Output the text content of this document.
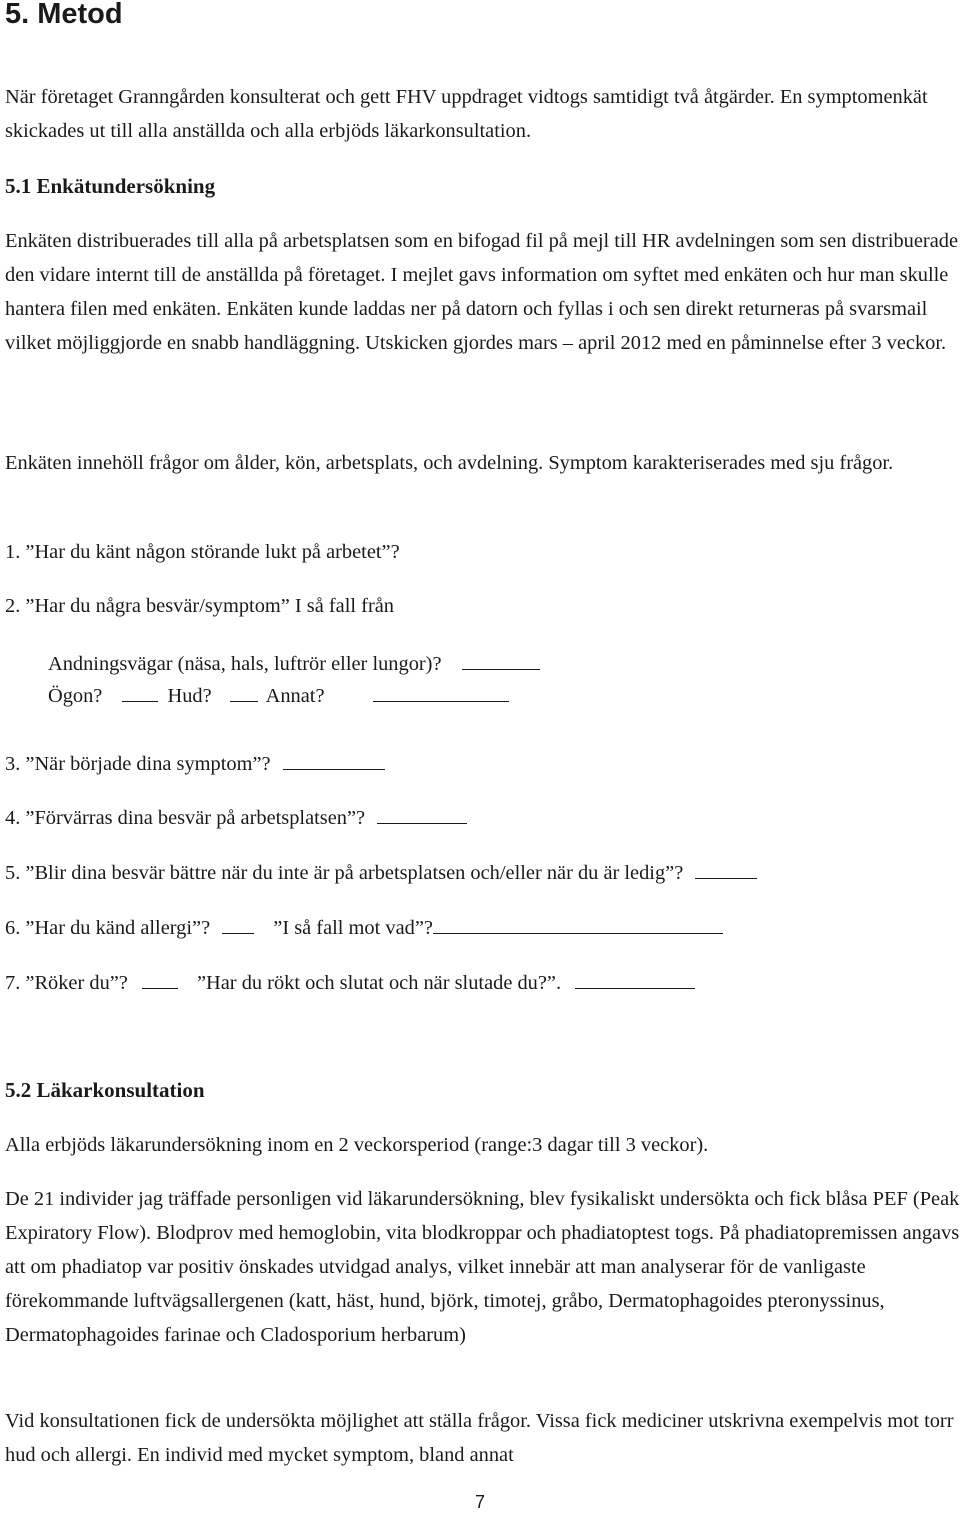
5. Metod
När företaget Granngården konsulterat och gett FHV uppdraget vidtogs samtidigt två åtgärder. En symptomenkät skickades ut till alla anställda och alla erbjöds läkarkonsultation.
5.1 Enkätundersökning
Enkäten distribuerades till alla på arbetsplatsen som en bifogad fil på mejl till HR avdelningen som sen distribuerade den vidare internt till de anställda på företaget. I mejlet gavs information om syftet med enkäten och hur man skulle hantera filen med enkäten. Enkäten kunde laddas ner på datorn och fyllas i och sen direkt returneras på svarsmail vilket möjliggjorde en snabb handläggning. Utskicken gjordes mars – april 2012 med en påminnelse efter 3 veckor.
Enkäten innehöll frågor om ålder, kön, arbetsplats, och avdelning. Symptom karakteriserades med sju frågor.
1. ”Har du känt någon störande lukt på arbetet”?
2. ”Har du några besvär/symptom” I så fall från
Andningsvägar (näsa, hals, luftrör eller lungor)?
Ögon?	Hud?	Annat?
3. ”När började dina symptom”?
4. ”Förvärras dina besvär på arbetsplatsen”?
5. ”Blir dina besvär bättre när du inte är på arbetsplatsen och/eller när du är ledig”?
6. ”Har du känd allergi”?	”I så fall mot vad”?
7. ”Röker du”?	”Har du rökt och slutat och när slutade du?”.
5.2 Läkarkonsultation
Alla erbjöds läkarundersökning inom en 2 veckorsperiod (range:3 dagar till 3 veckor).
De 21 individer jag träffade personligen vid läkarundersökning, blev fysikaliskt undersökta och fick blåsa PEF (Peak Expiratory Flow). Blodprov med hemoglobin, vita blodkroppar och phadiatoptest togs. På phadiatopremissen angavs att om phadiatop var positiv önskades utvidgad analys, vilket innebär att man analyserar för de vanligaste förekommande luftvägsallergenen (katt, häst, hund, björk, timotej, gråbo, Dermatophagoides pteronyssinus, Dermatophagoides farinae och Cladosporium herbarum)
Vid konsultationen fick de undersökta möjlighet att ställa frågor. Vissa fick mediciner utskrivna exempelvis mot torr hud och allergi. En individ med mycket symptom, bland annat
7
